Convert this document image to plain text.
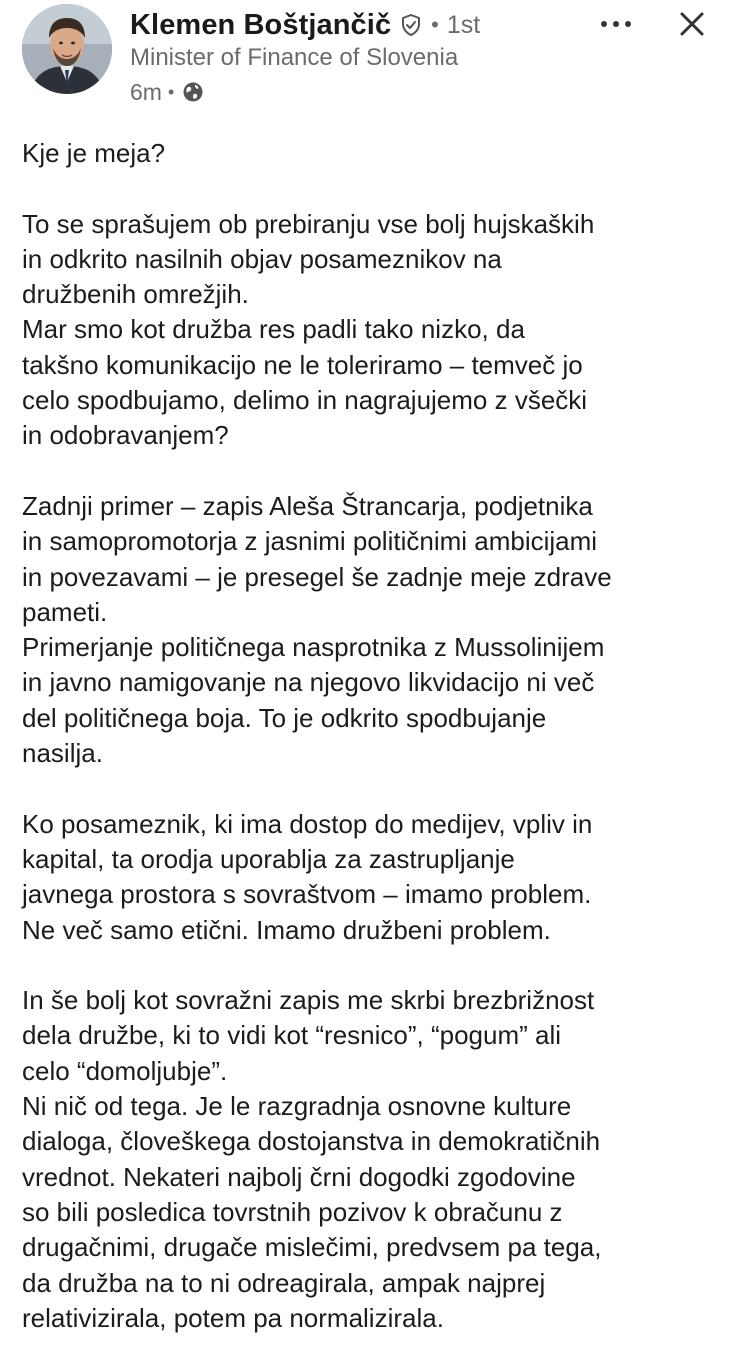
Klemen Boštjančič • 1st
Minister of Finance of Slovenia
6m •
Kje je meja?
To se sprašujem ob prebiranju vse bolj hujskaških
in odkrito nasilnih objav posameznikov na
družbenih omrežjih.
Mar smo kot družba res padli tako nizko, da
takšno komunikacijo ne le toleriramo – temveč jo
celo spodbujamo, delimo in nagrajujemo z všečki
in odobravanjem?
Zadnji primer – zapis Aleša Štrancarja, podjetnika
in samopromotorja z jasnimi političnimi ambicijami
in povezavami – je presegel še zadnje meje zdrave
pameti.
Primerjanje političnega nasprotnika z Mussolinijem
in javno namigovanje na njegovo likvidacijo ni več
del političnega boja. To je odkrito spodbujanje
nasilja.
Ko posameznik, ki ima dostop do medijev, vpliv in
kapital, ta orodja uporablja za zastrupljanje
javnega prostora s sovraštvom – imamo problem.
Ne več samo etični. Imamo družbeni problem.
In še bolj kot sovražni zapis me skrbi brezbrižnost
dela družbe, ki to vidi kot “resnico”, “pogum” ali
celo “domoljubje”.
Ni nič od tega. Je le razgradnja osnovne kulture
dialoga, človeškega dostojanstva in demokratičnih
vrednot. Nekateri najbolj črni dogodki zgodovine
so bili posledica tovrstnih pozivov k obračunu z
drugačnimi, drugače mislečimi, predvsem pa tega,
da družba na to ni odreagirala, ampak najprej
relativizirala, potem pa normalizirala.
